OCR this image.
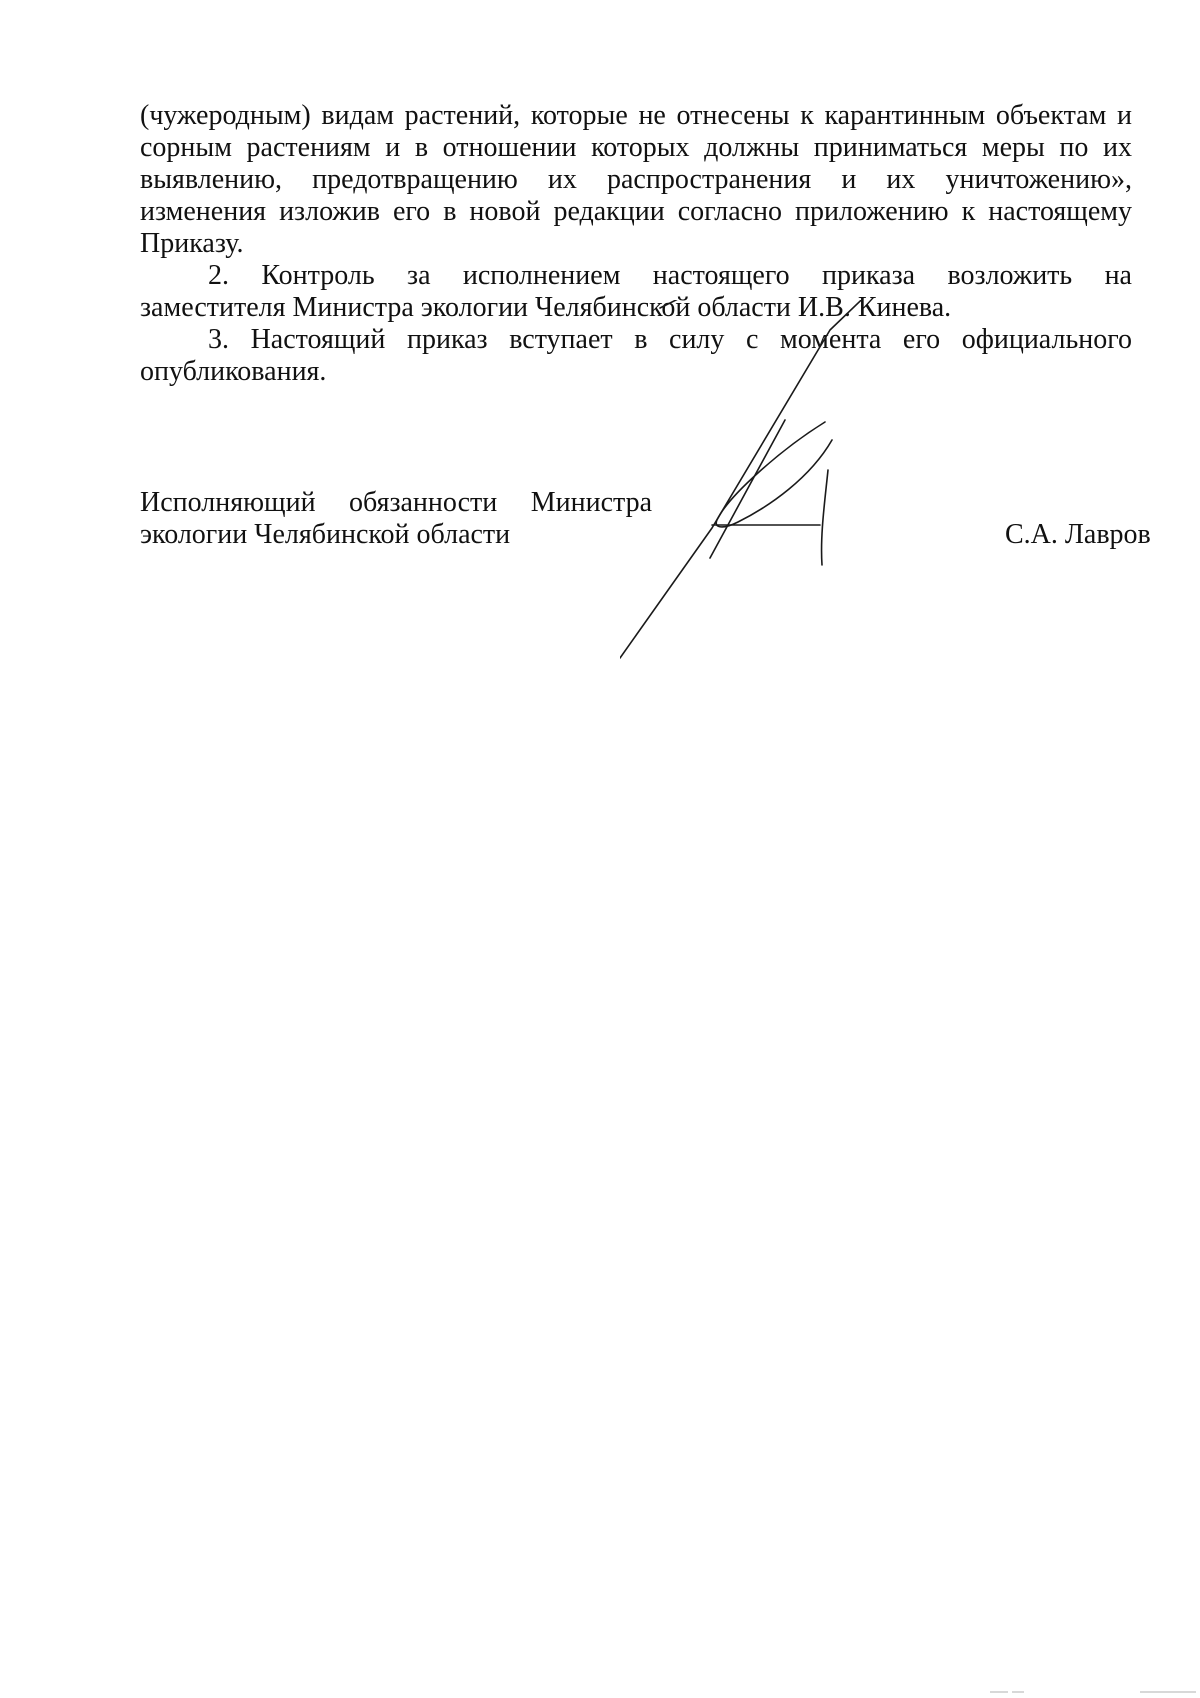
(чужеродным) видам растений, которые не отнесены к карантинным объектам и
сорным растениям и в отношении которых должны приниматься меры по их
выявлению, предотвращению их распространения и их уничтожению»,
изменения изложив его в новой редакции согласно приложению к настоящему
Приказу.
2. Контроль за исполнением настоящего приказа возложить на
заместителя Министра экологии Челябинской области И.В. Кинева.
3. Настоящий приказ вступает в силу с момента его официального
опубликования.
Исполняющий обязанности Министра
экологии Челябинской области	С.А. Лавров
